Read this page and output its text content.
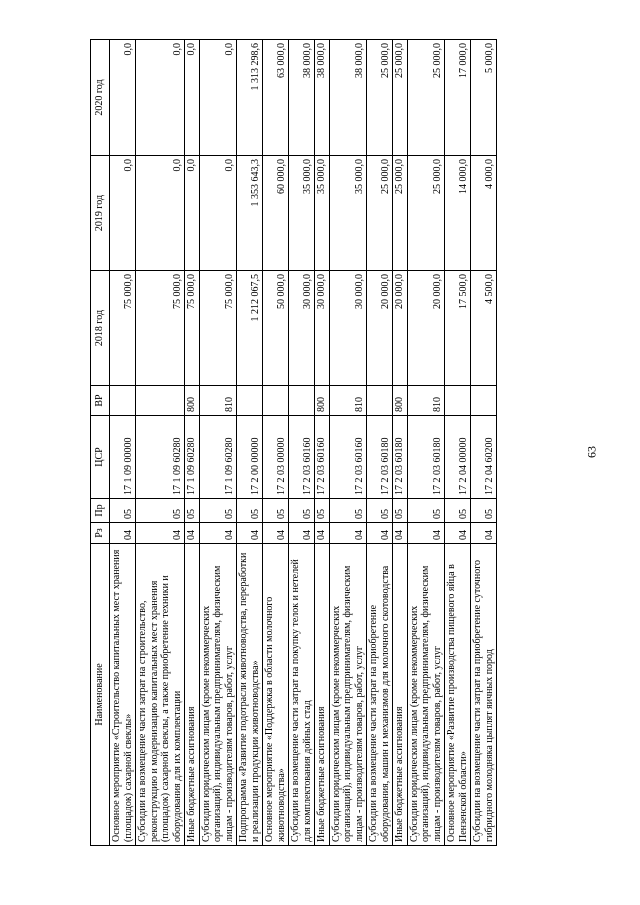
63
Наименование	Рз	Пр	ЦСР	ВР	2018 год	2019 год	2020 год
Основное мероприятие «Строительство капитальных мест хранения (площадок) сахарной свеклы»	04	05	17 1 09 00000		75 000,0	0,0	0,0
Субсидии на возмещение части затрат на строительство, реконструкцию и модернизацию капитальных мест хранения (площадок) сахарной свеклы, а также приобретение техники и оборудования для их комплектации	04	05	17 1 09 60280		75 000,0	0,0	0,0
Иные бюджетные ассигнования	04	05	17 1 09 60280	800	75 000,0	0,0	0,0
Субсидии юридическим лицам (кроме некоммерческих организаций), индивидуальным предпринимателям, физическим лицам - производителям товаров, работ, услуг	04	05	17 1 09 60280	810	75 000,0	0,0	0,0
Подпрограмма «Развитие подотрасли животноводства, переработки и реализации продукции животноводства»	04	05	17 2 00 00000		1 212 067,5	1 353 643,3	1 313 298,6
Основное мероприятие «Поддержка в области молочного животноводства»	04	05	17 2 03 00000		50 000,0	60 000,0	63 000,0
Субсидии на возмещение части затрат на покупку телок и нетелей для комплектования дойных стад	04	05	17 2 03 60160		30 000,0	35 000,0	38 000,0
Иные бюджетные ассигнования	04	05	17 2 03 60160	800	30 000,0	35 000,0	38 000,0
Субсидии юридическим лицам (кроме некоммерческих организаций), индивидуальным предпринимателям, физическим лицам - производителям товаров, работ, услуг	04	05	17 2 03 60160	810	30 000,0	35 000,0	38 000,0
Субсидии на возмещение части затрат на приобретение оборудования, машин и механизмов для молочного скотоводства	04	05	17 2 03 60180		20 000,0	25 000,0	25 000,0
Иные бюджетные ассигнования	04	05	17 2 03 60180	800	20 000,0	25 000,0	25 000,0
Субсидии юридическим лицам (кроме некоммерческих организаций), индивидуальным предпринимателям, физическим лицам - производителям товаров, работ, услуг	04	05	17 2 03 60180	810	20 000,0	25 000,0	25 000,0
Основное мероприятие «Развитие производства пищевого яйца в Пензенской области»	04	05	17 2 04 00000		17 500,0	14 000,0	17 000,0
Субсидии на возмещение части затрат на приобретение суточного гибридного молодняка цыплят яичных пород	04	05	17 2 04 60200		4 500,0	4 000,0	5 000,0
